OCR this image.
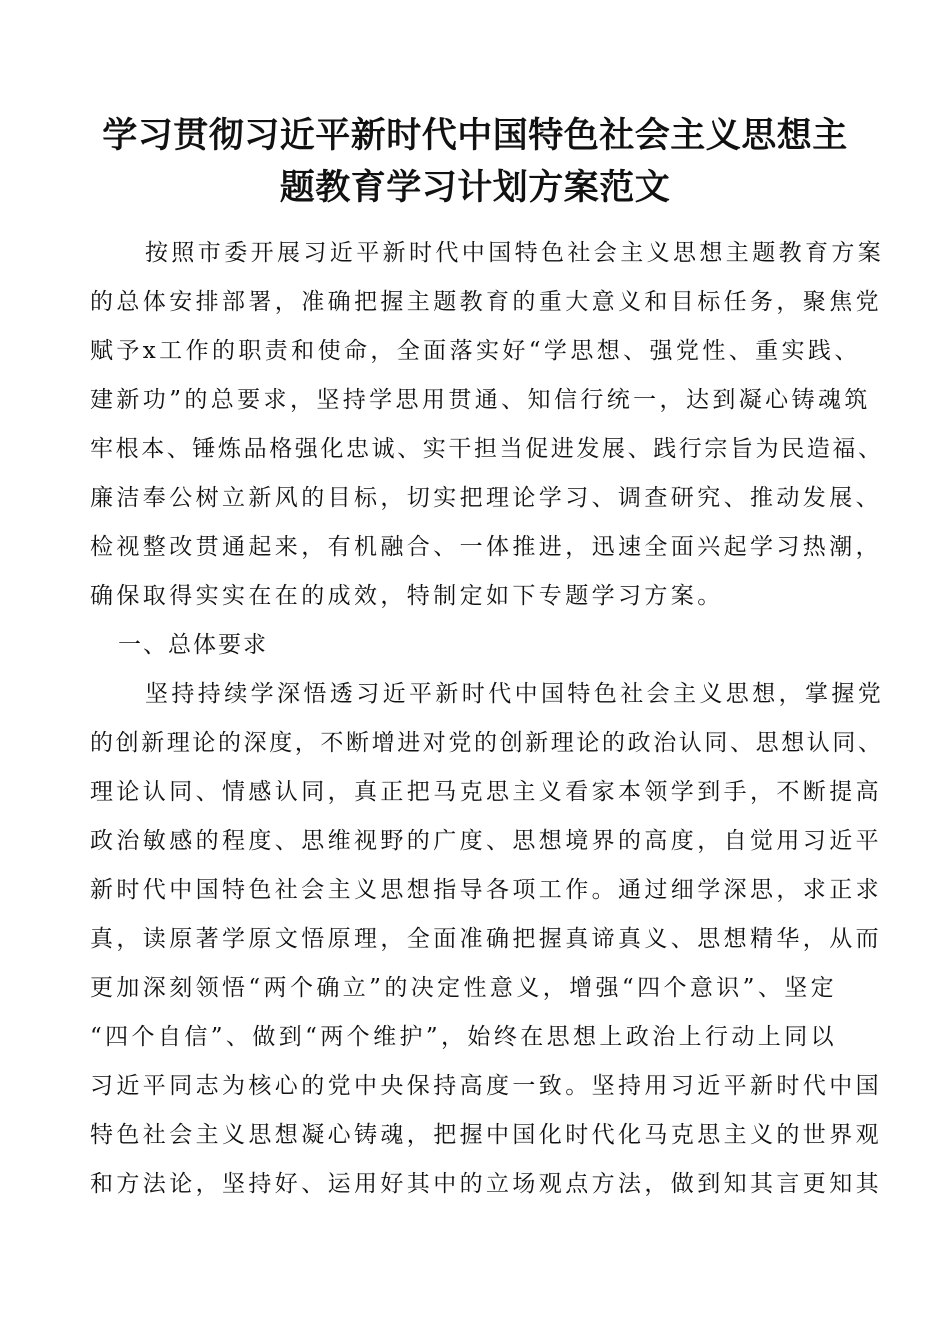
学习贯彻习近平新时代中国特色社会主义思想主
题教育学习计划方案范文
按照市委开展习近平新时代中国特色社会主义思想主题教育方案
的总体安排部署，准确把握主题教育的重大意义和目标任务，聚焦党
赋予x工作的职责和使命，全面落实好“学思想、强党性、重实践、
建新功”的总要求，坚持学思用贯通、知信行统一，达到凝心铸魂筑
牢根本、锤炼品格强化忠诚、实干担当促进发展、践行宗旨为民造福、
廉洁奉公树立新风的目标，切实把理论学习、调查研究、推动发展、
检视整改贯通起来，有机融合、一体推进，迅速全面兴起学习热潮，
确保取得实实在在的成效，特制定如下专题学习方案。
一、总体要求
坚持持续学深悟透习近平新时代中国特色社会主义思想，掌握党
的创新理论的深度，不断增进对党的创新理论的政治认同、思想认同、
理论认同、情感认同，真正把马克思主义看家本领学到手，不断提高
政治敏感的程度、思维视野的广度、思想境界的高度，自觉用习近平
新时代中国特色社会主义思想指导各项工作。通过细学深思，求正求
真，读原著学原文悟原理，全面准确把握真谛真义、思想精华，从而
更加深刻领悟“两个确立”的决定性意义，增强“四个意识”、坚定
“四个自信”、做到“两个维护”，始终在思想上政治上行动上同以
习近平同志为核心的党中央保持高度一致。坚持用习近平新时代中国
特色社会主义思想凝心铸魂，把握中国化时代化马克思主义的世界观
和方法论，坚持好、运用好其中的立场观点方法，做到知其言更知其
